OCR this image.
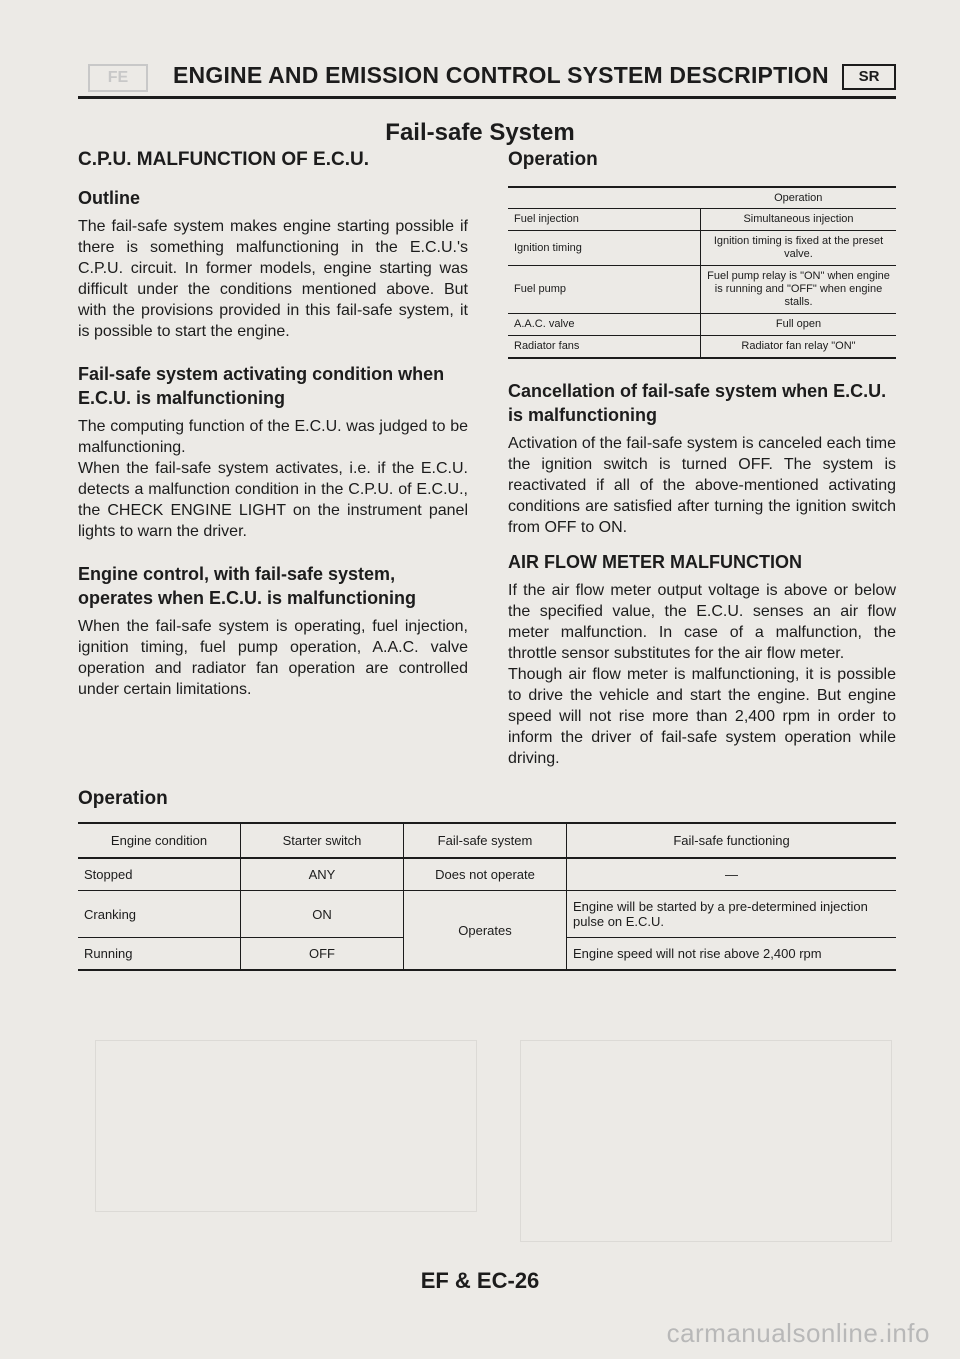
FE	ENGINE AND EMISSION CONTROL SYSTEM DESCRIPTION	SR
Fail-safe System
C.P.U. MALFUNCTION OF E.C.U.
Outline

The fail-safe system makes engine starting possible if there is something malfunctioning in the E.C.U.'s C.P.U. circuit. In former models, engine starting was difficult under the conditions mentioned above. But with the provisions provided in this fail-safe system, it is possible to start the engine.

Fail-safe system activating condition when E.C.U. is malfunctioning

The computing function of the E.C.U. was judged to be malfunctioning.

When the fail-safe system activates, i.e. if the E.C.U. detects a malfunction condition in the C.P.U. of E.C.U., the CHECK ENGINE LIGHT on the instrument panel lights to warn the driver.

Engine control, with fail-safe system, operates when E.C.U. is malfunctioning

When the fail-safe system is operating, fuel injection, ignition timing, fuel pump operation, A.A.C. valve operation and radiator fan operation are controlled under certain limitations.

Operation
	Operation
Fuel injection	Simultaneous injection
Ignition timing	Ignition timing is fixed at the preset valve.
Fuel pump	Fuel pump relay is "ON" when engine is running and "OFF" when engine stalls.
A.A.C. valve	Full open
Radiator fans	Radiator fan relay "ON"
Cancellation of fail-safe system when E.C.U. is malfunctioning

Activation of the fail-safe system is canceled each time the ignition switch is turned OFF. The system is reactivated if all of the above-mentioned activating conditions are satisfied after turning the ignition switch from OFF to ON.

AIR FLOW METER MALFUNCTION

If the air flow meter output voltage is above or below the specified value, the E.C.U. senses an air flow meter malfunction. In case of a malfunction, the throttle sensor substitutes for the air flow meter.

Though air flow meter is malfunctioning, it is possible to drive the vehicle and start the engine. But engine speed will not rise more than 2,400 rpm in order to inform the driver of fail-safe system operation while driving.

Operation
Engine condition	Starter switch	Fail-safe system	Fail-safe functioning
Stopped	ANY	Does not operate	—
Cranking	ON	Operates	Engine will be started by a pre-determined injection pulse on E.C.U.
Running	OFF		Engine speed will not rise above 2,400 rpm
EF & EC-26
carmanualsonline.info
